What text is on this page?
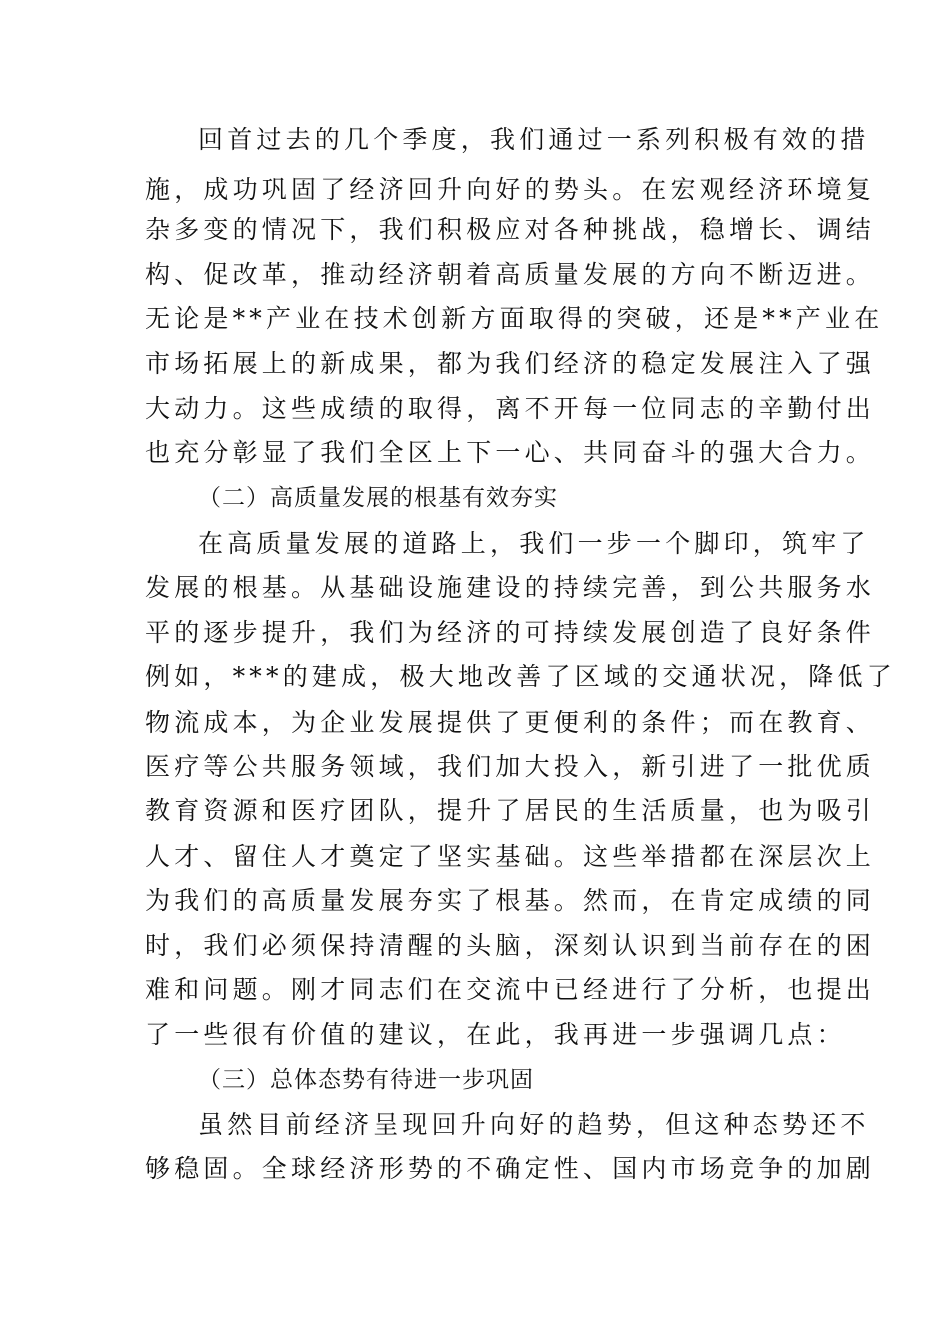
回首过去的几个季度，我们通过一系列积极有效的措
施，成功巩固了经济回升向好的势头。在宏观经济环境复
杂多变的情况下，我们积极应对各种挑战，稳增长、调结
构、促改革，推动经济朝着高质量发展的方向不断迈进。
无论是**产业在技术创新方面取得的突破，还是**产业在
市场拓展上的新成果，都为我们经济的稳定发展注入了强
大动力。这些成绩的取得，离不开每一位同志的辛勤付出
也充分彰显了我们全区上下一心、共同奋斗的强大合力。
（二）高质量发展的根基有效夯实
在高质量发展的道路上，我们一步一个脚印，筑牢了
发展的根基。从基础设施建设的持续完善，到公共服务水
平的逐步提升，我们为经济的可持续发展创造了良好条件
例如，***的建成，极大地改善了区域的交通状况，降低了
物流成本，为企业发展提供了更便利的条件；而在教育、
医疗等公共服务领域，我们加大投入，新引进了一批优质
教育资源和医疗团队，提升了居民的生活质量，也为吸引
人才、留住人才奠定了坚实基础。这些举措都在深层次上
为我们的高质量发展夯实了根基。然而，在肯定成绩的同
时，我们必须保持清醒的头脑，深刻认识到当前存在的困
难和问题。刚才同志们在交流中已经进行了分析，也提出
了一些很有价值的建议，在此，我再进一步强调几点：
（三）总体态势有待进一步巩固
虽然目前经济呈现回升向好的趋势，但这种态势还不
够稳固。全球经济形势的不确定性、国内市场竞争的加剧
